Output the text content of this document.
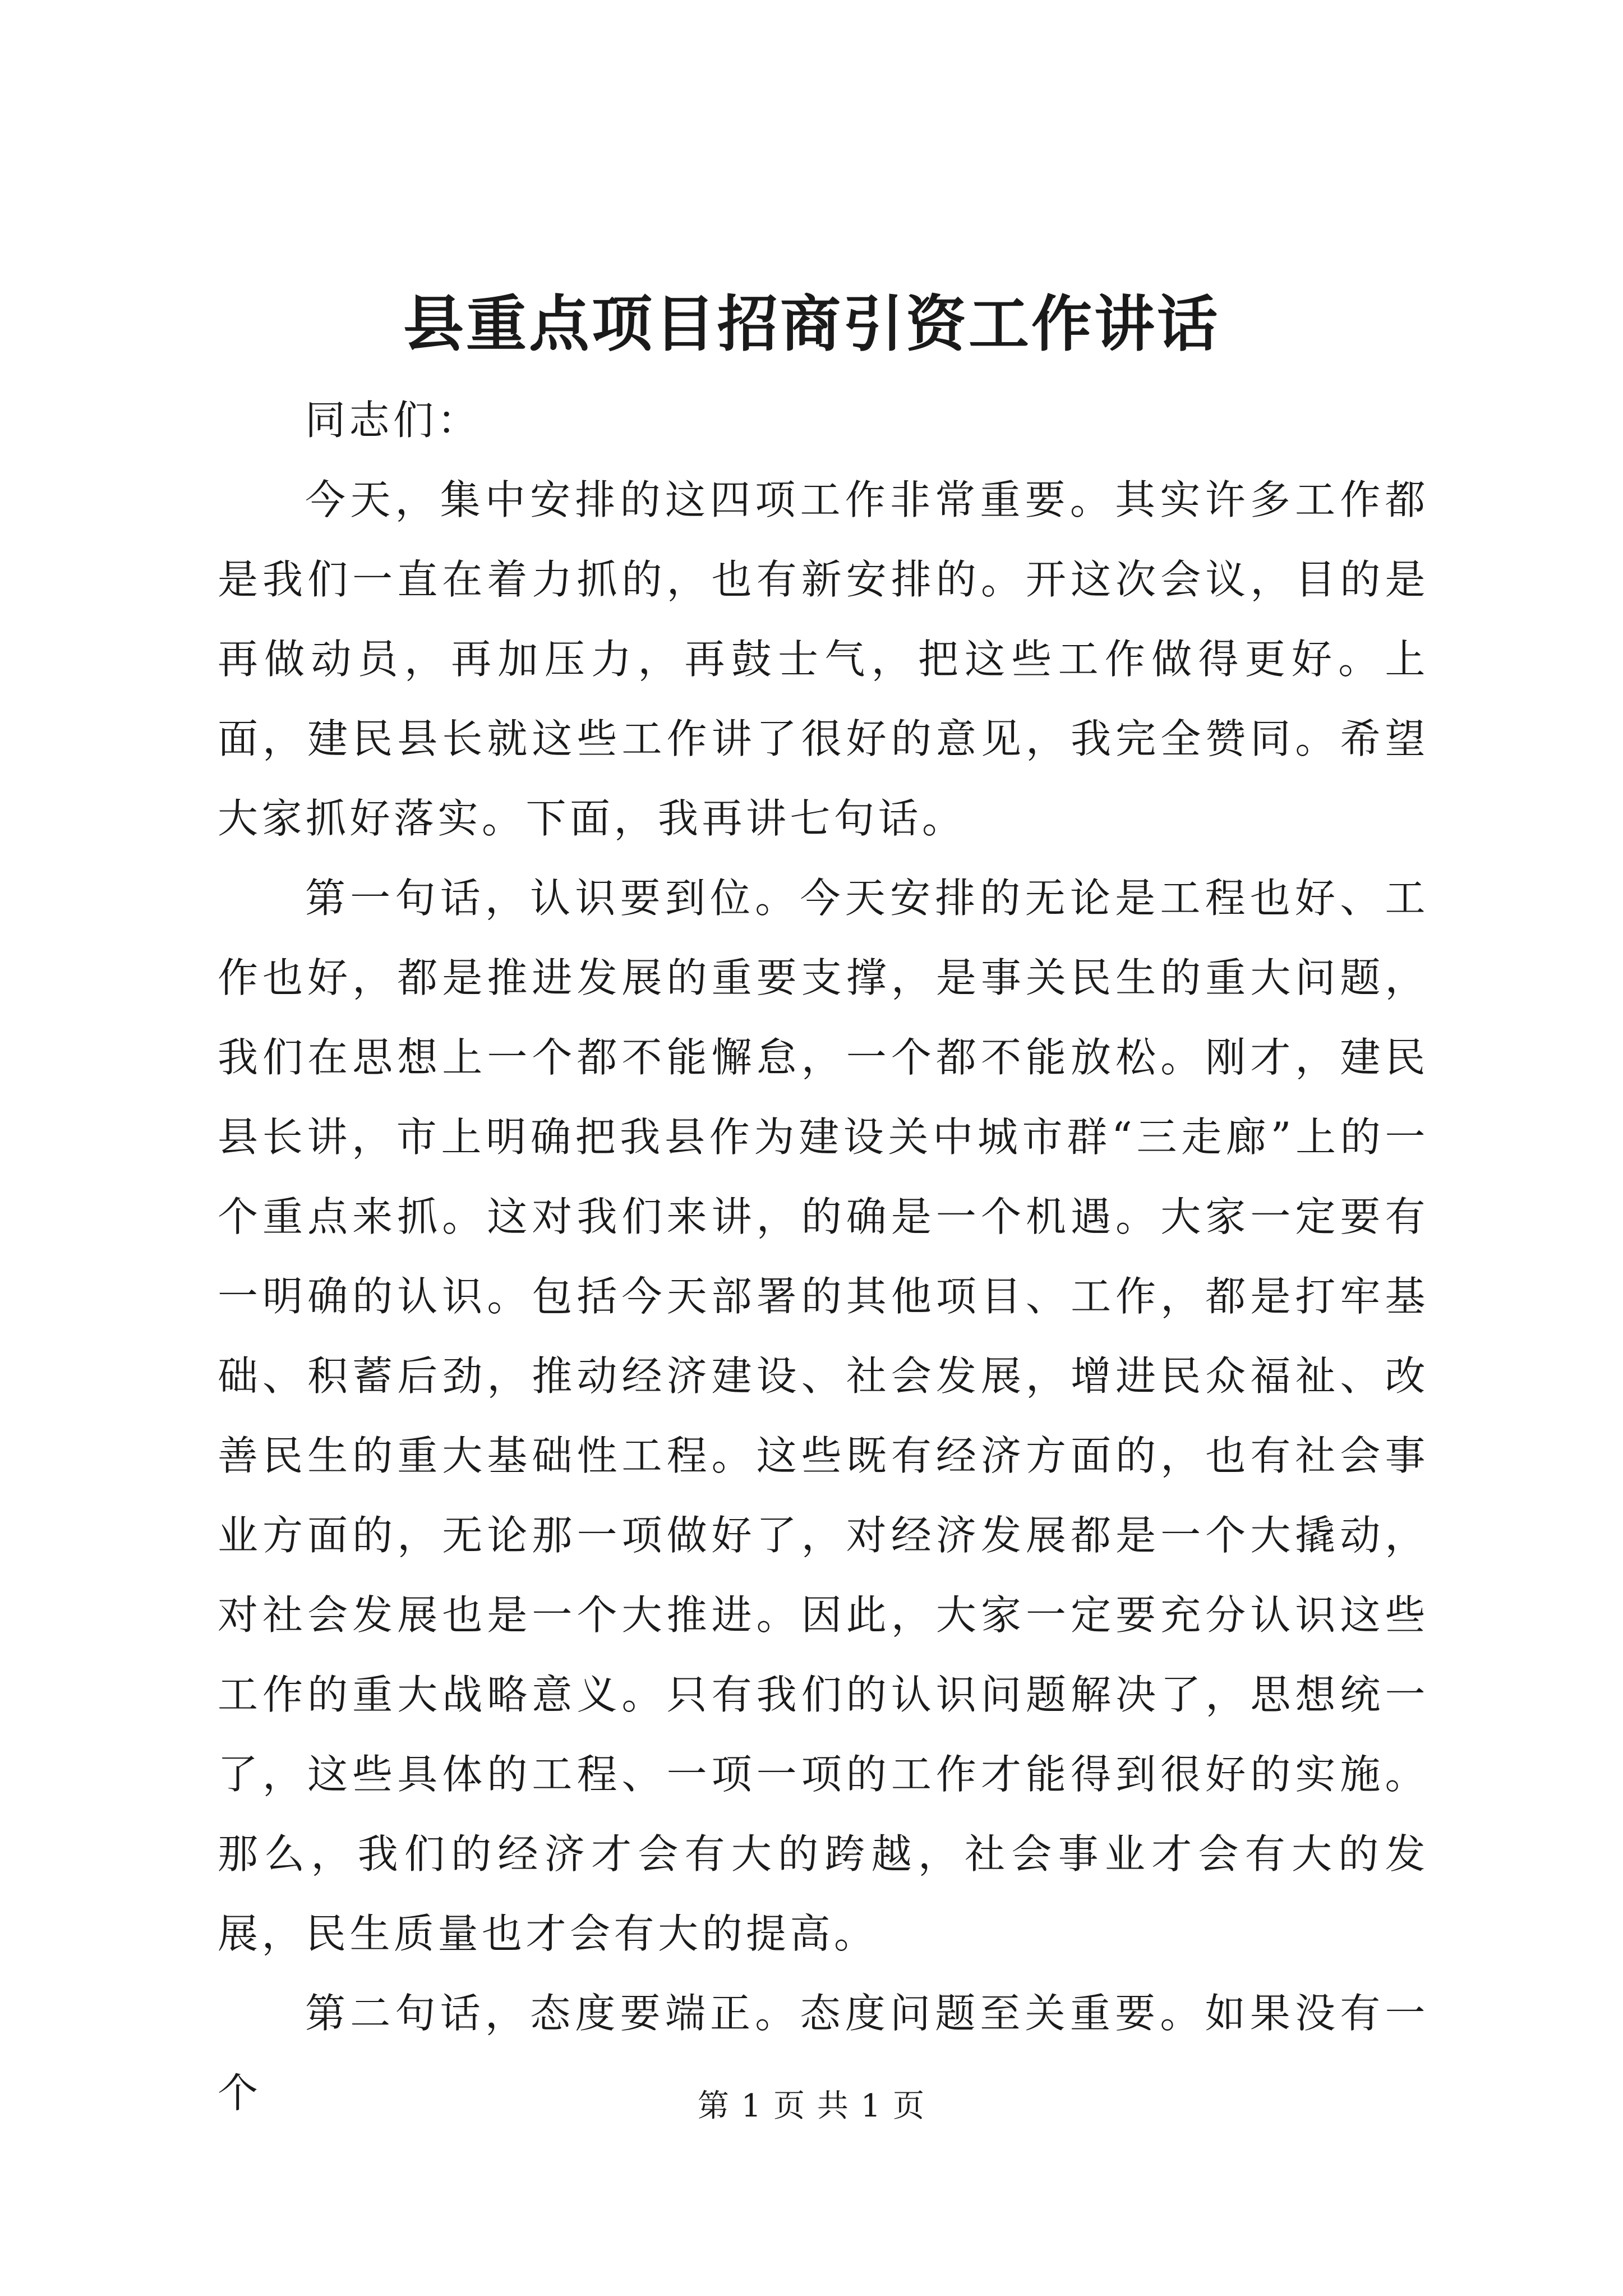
县重点项目招商引资工作讲话

同志们：

今天，集中安排的这四项工作非常重要。其实许多工作都是我们一直在着力抓的，也有新安排的。开这次会议，目的是再做动员，再加压力，再鼓士气，把这些工作做得更好。上面，建民县长就这些工作讲了很好的意见，我完全赞同。希望大家抓好落实。下面，我再讲七句话。

第一句话，认识要到位。今天安排的无论是工程也好、工作也好，都是推进发展的重要支撑，是事关民生的重大问题，我们在思想上一个都不能懈怠，一个都不能放松。刚才，建民县长讲，市上明确把我县作为建设关中城市群“三走廊”上的一个重点来抓。这对我们来讲，的确是一个机遇。大家一定要有一明确的认识。包括今天部署的其他项目、工作，都是打牢基础、积蓄后劲，推动经济建设、社会发展，增进民众福祉、改善民生的重大基础性工程。这些既有经济方面的，也有社会事业方面的，无论那一项做好了，对经济发展都是一个大撬动，对社会发展也是一个大推进。因此，大家一定要充分认识这些工作的重大战略意义。只有我们的认识问题解决了，思想统一了，这些具体的工程、一项一项的工作才能得到很好的实施。那么，我们的经济才会有大的跨越，社会事业才会有大的发展，民生质量也才会有大的提高。

第二句话，态度要端正。态度问题至关重要。如果没有一个	第 1 页 共 1 页
